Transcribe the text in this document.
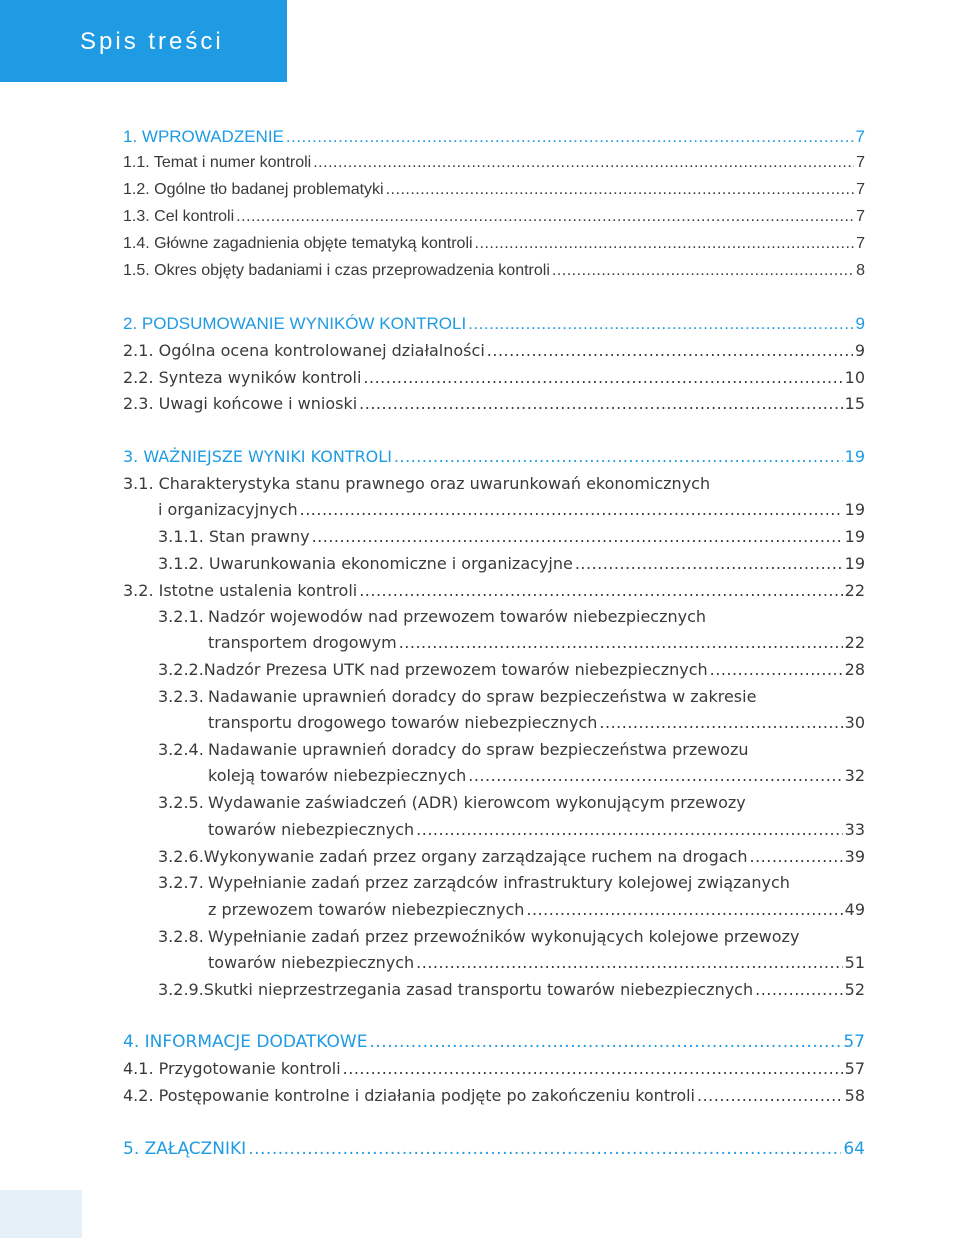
Spis treści
1. WPROWADZENIE .....	7
1.1. Temat i numer kontroli .....	7
1.2. Ogólne tło badanej problematyki .....	7
1.3. Cel kontroli .....	7
1.4. Główne zagadnienia objęte tematyką kontroli .....	7
1.5. Okres objęty badaniami i czas przeprowadzenia kontroli .....	8
2. PODSUMOWANIE WYNIKÓW KONTROLI .....	9
2.1. Ogólna ocena kontrolowanej działalności .....	9
2.2. Synteza wyników kontroli .....	10
2.3. Uwagi końcowe i wnioski .....	15
3. WAŻNIEJSZE WYNIKI KONTROLI .....	19
3.1. Charakterystyka stanu prawnego oraz uwarunkowań ekonomicznych
i organizacyjnych .....	19
3.1.1. Stan prawny .....	19
3.1.2. Uwarunkowania ekonomiczne i organizacyjne .....	19
3.2. Istotne ustalenia kontroli .....	22
3.2.1. Nadzór wojewodów nad przewozem towarów niebezpiecznych
transportem drogowym .....	22
3.2.2. Nadzór Prezesa UTK nad przewozem towarów niebezpiecznych .....	28
3.2.3. Nadawanie uprawnień doradcy do spraw bezpieczeństwa w zakresie
transportu drogowego towarów niebezpiecznych .....	30
3.2.4. Nadawanie uprawnień doradcy do spraw bezpieczeństwa przewozu
koleją towarów niebezpiecznych .....	32
3.2.5. Wydawanie zaświadczeń (ADR) kierowcom wykonującym przewozy
towarów niebezpiecznych .....	33
3.2.6. Wykonywanie zadań przez organy zarządzające ruchem na drogach .....	39
3.2.7. Wypełnianie zadań przez zarządców infrastruktury kolejowej związanych
z przewozem towarów niebezpiecznych .....	49
3.2.8. Wypełnianie zadań przez przewoźników wykonujących kolejowe przewozy
towarów niebezpiecznych .....	51
3.2.9. Skutki nieprzestrzegania zasad transportu towarów niebezpiecznych .....	52
4. INFORMACJE DODATKOWE .....	57
4.1. Przygotowanie kontroli .....	57
4.2. Postępowanie kontrolne i działania podjęte po zakończeniu kontroli .....	58
5. ZAŁĄCZNIKI .....	64
